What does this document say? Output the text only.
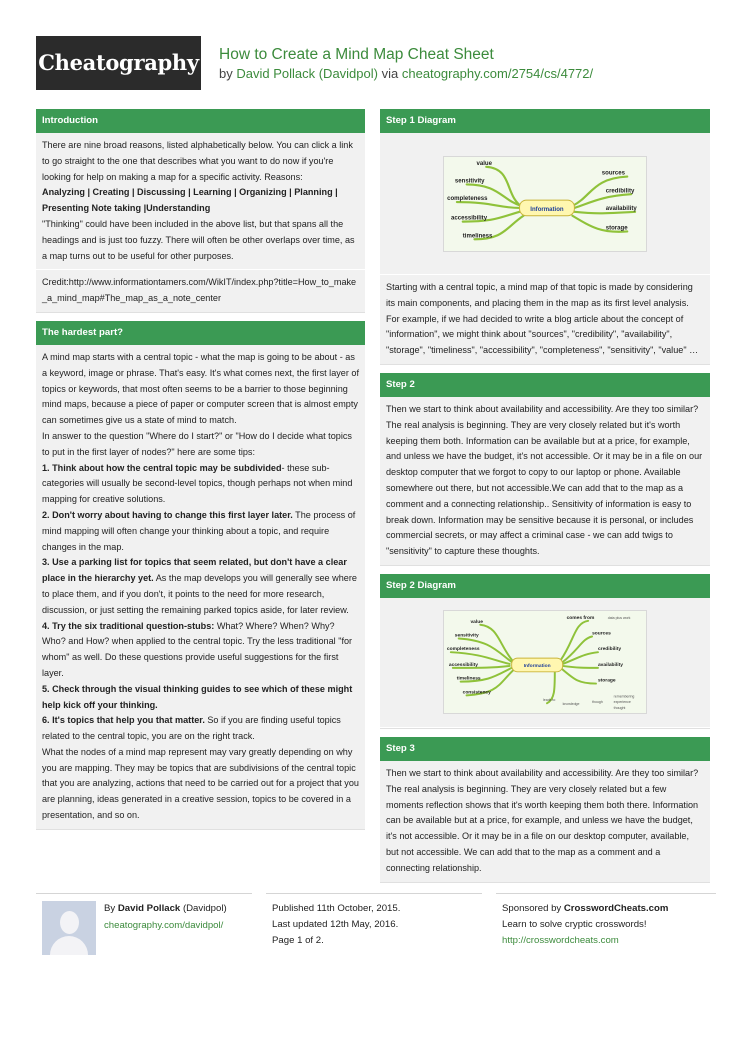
Cheatography How to Create a Mind Map Cheat Sheet
by David Pollack (Davidpol) via cheatography.com/2754/cs/4772/
Introduction

There are nine broad reasons, listed alphabetically below. You can click a link to go straight to the one that describes what you want to do now if you're looking for help on making a map for a specific activity. Reasons:

Analyzing | Creating | Discussing | Learning | Organizing | Planning | Presenting Note taking |Understanding

"Thinking" could have been included in the above list, but that spans all the headings and is just too fuzzy. There will often be other overlaps over time, as a map turns out to be useful for other purposes.

Credit:http://www.informationtamers.com/WikIT/index.php?title=How_to_make_a_mind_map#The_map_as_a_note_center

The hardest part?

A mind map starts with a central topic - what the map is going to be about - as a keyword, image or phrase. That's easy. It's what comes next, the first layer of topics or keywords, that most often seems to be a barrier to those beginning mind maps, because a piece of paper or computer screen that is almost empty can sometimes give us a state of mind to match.

In answer to the question "Where do I start?" or "How do I decide what topics to put in the first layer of nodes?" here are some tips:

1. Think about how the central topic may be subdivided- these sub-categories will usually be second-level topics, though perhaps not when mind mapping for creative solutions.

2. Don't worry about having to change this first layer later. The process of mind mapping will often change your thinking about a topic, and require changes in the map.

3. Use a parking list for topics that seem related, but don't have a clear place in the hierarchy yet. As the map develops you will generally see where to place them, and if you don't, it points to the need for more research, discussion, or just setting the remaining parked topics aside, for later review.

4. Try the six traditional question-stubs: What? Where? When? Why? Who? and How? when applied to the central topic. Try the less traditional "for whom" as well. Do these questions provide useful suggestions for the first layer.

5. Check through the visual thinking guides to see which of these might help kick off your thinking.

6. It's topics that help you that matter. So if you are finding useful topics related to the central topic, you are on the right track.

What the nodes of a mind map represent may vary greatly depending on why you are mapping. They may be topics that are subdivisions of the central topic that you are analyzing, actions that need to be carried out for a project that you are planning, ideas generated in a creative session, topics to be covered in a presentation, and so on.

Step 1 Diagram
Information
value
sensitivity
completeness
accessibility
timeliness
sources
credibility
availability
storage

Starting with a central topic, a mind map of that topic is made by considering its main components, and placing them in the map as its first level analysis.

For example, if we had decided to write a blog article about the concept of "information", we might think about "sources", "credibility", "availability", "storage", "timeliness", "accessibility", "completeness", "sensitivity", "value" …

Step 2

Then we start to think about availability and accessibility. Are they too similar? The real analysis is beginning. They are very closely related but it's worth keeping them both. Information can be available but at a price, for example, and unless we have the budget, it's not accessible. Or it may be in a file on our desktop computer that we forgot to copy to our laptop or phone. Available somewhere out there, but not accessible.We can add that to the map as a comment and a connecting relationship.. Sensitivity of information is easy to break down. Information may be sensitive because it is personal, or includes commercial secrets, or may affect a criminal case - we can add twigs to "sensitivity" to capture these thoughts.

Step 2 Diagram
Information
value
sensitivity
completeness
accessibility
timeliness
consistency
comes from
sources
credibility
availability
storage
data plus work
leads to
knowledge	though
remembering
experience
thought
Step 3

Then we start to think about availability and accessibility. Are they too similar? The real analysis is beginning. They are very closely related but a few moments reflection shows that it's worth keeping them both there. Information can be available but at a price, for example, and unless we have the budget, it's not accessible. Or it may be in a file on our desktop computer, available, but not accessible. We can add that to the map as a comment and a connecting relationship.

By David Pollack (Davidpol)
cheatography.com/davidpol/
Published 11th October, 2015.
Last updated 12th May, 2016.
Page 1 of 2.
Sponsored by CrosswordCheats.com
Learn to solve cryptic crosswords!
http://crosswordcheats.com
